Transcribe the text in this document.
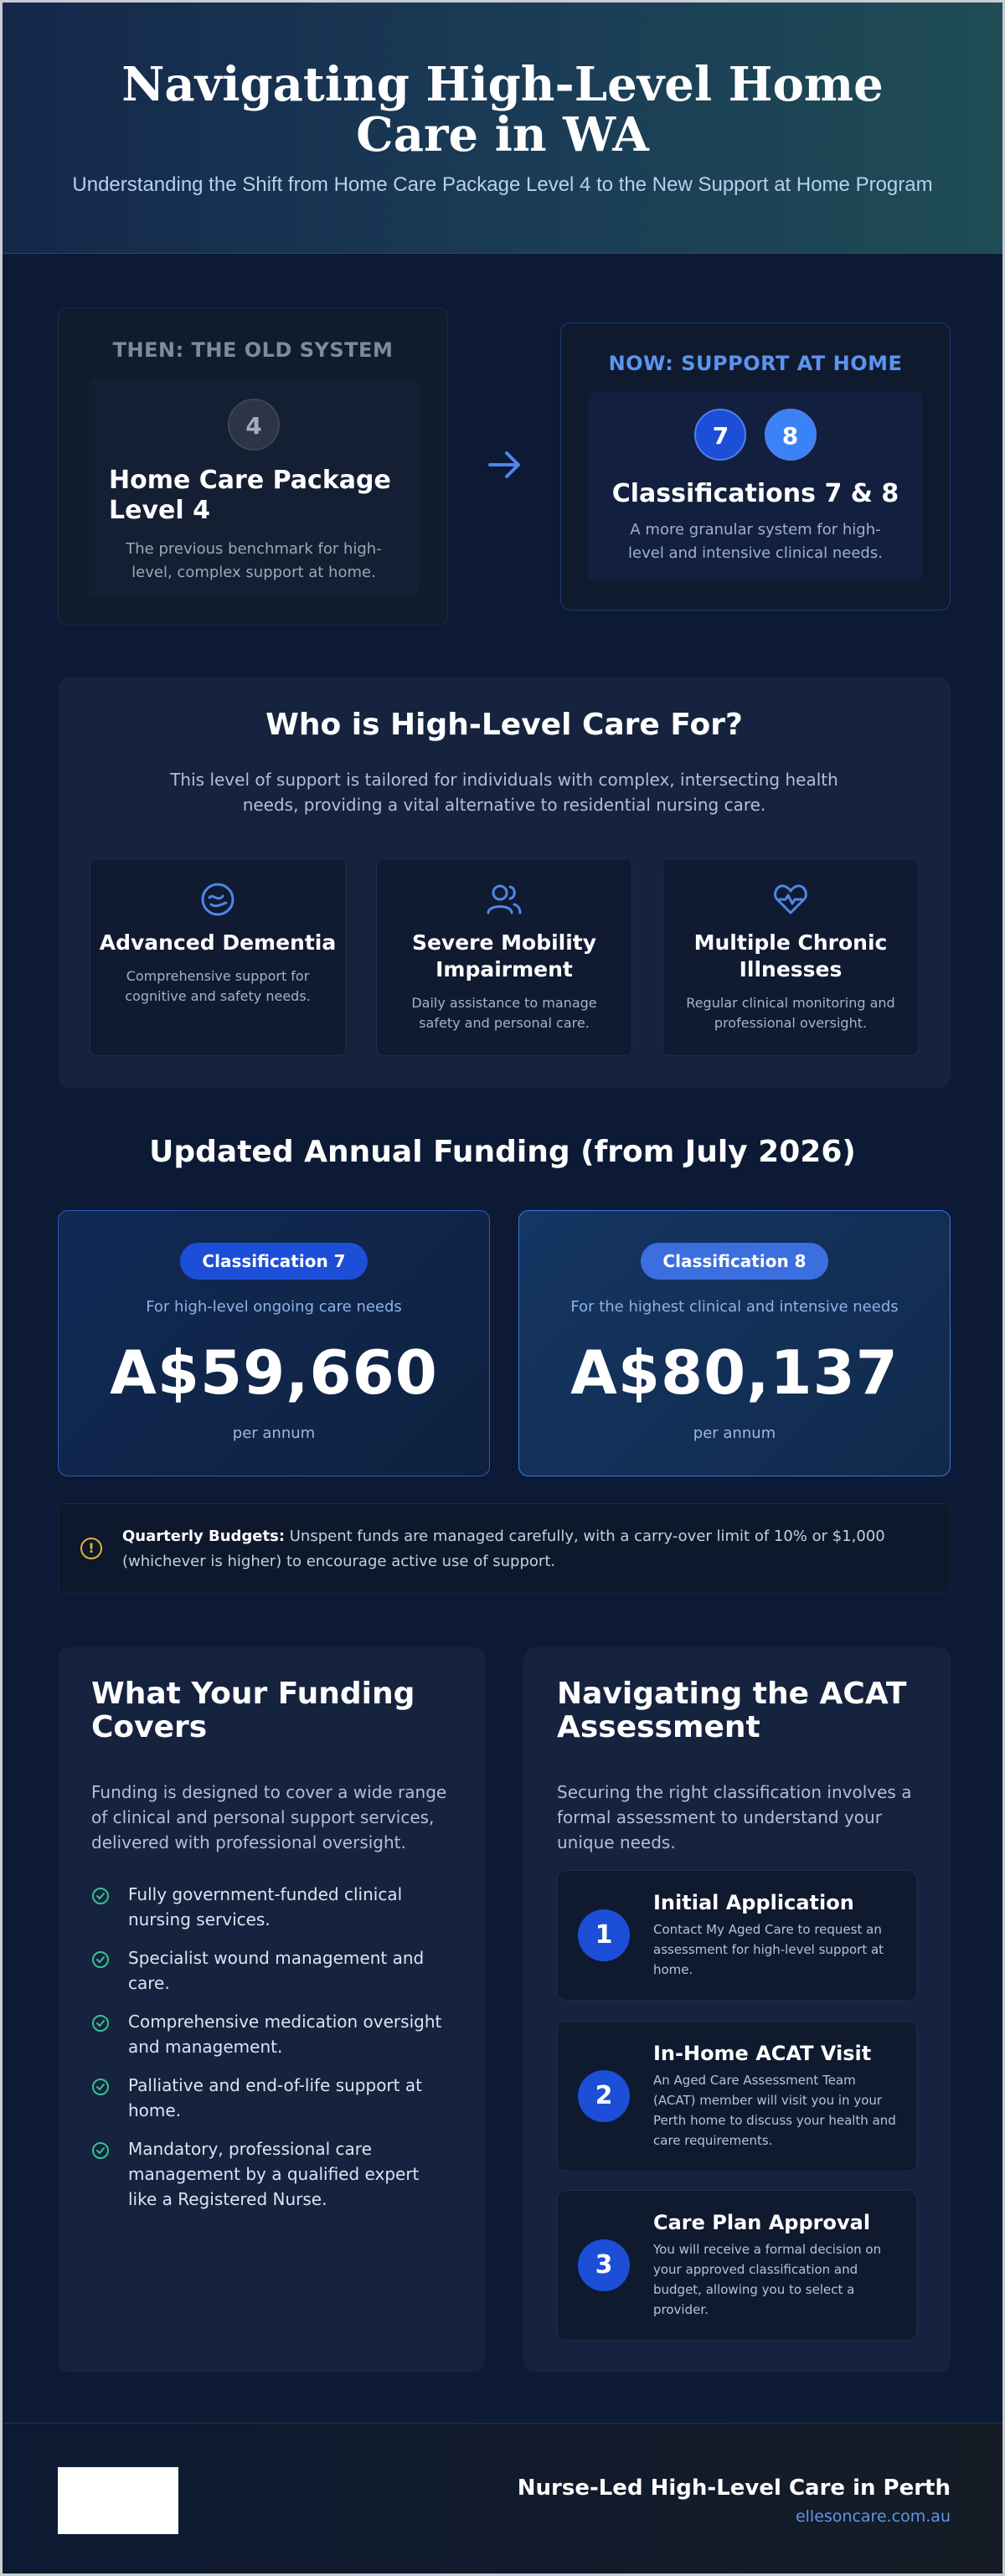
Navigating High-Level Home Care in WA
Understanding the Shift from Home Care Package Level 4 to the New Support at Home Program
THEN: THE OLD SYSTEM
4
Home Care Package Level 4
The previous benchmark for high-level, complex support at home.
NOW: SUPPORT AT HOME
7 8
Classifications 7 & 8
A more granular system for high-level and intensive clinical needs.
Who is High-Level Care For?
This level of support is tailored for individuals with complex, intersecting health needs, providing a vital alternative to residential nursing care.
Advanced Dementia
Comprehensive support for cognitive and safety needs.
Severe Mobility Impairment
Daily assistance to manage safety and personal care.
Multiple Chronic Illnesses
Regular clinical monitoring and professional oversight.
Updated Annual Funding (from July 2026)
Classification 7
For high-level ongoing care needs
A$59,660
per annum
Classification 8
For the highest clinical and intensive needs
A$80,137
per annum
!
Quarterly Budgets: Unspent funds are managed carefully, with a carry-over limit of 10% or $1,000 (whichever is higher) to encourage active use of support.
What Your Funding Covers
Funding is designed to cover a wide range of clinical and personal support services, delivered with professional oversight.
Fully government-funded clinical nursing services.
Specialist wound management and care.
Comprehensive medication oversight and management.
Palliative and end-of-life support at home.
Mandatory, professional care management by a qualified expert like a Registered Nurse.
Navigating the ACAT Assessment
Securing the right classification involves a formal assessment to understand your unique needs.
1
Initial Application
Contact My Aged Care to request an assessment for high-level support at home.
2
In-Home ACAT Visit
An Aged Care Assessment Team (ACAT) member will visit you in your Perth home to discuss your health and care requirements.
3
Care Plan Approval
You will receive a formal decision on your approved classification and budget, allowing you to select a provider.
Nurse-Led High-Level Care in Perth
ellesoncare.com.au
